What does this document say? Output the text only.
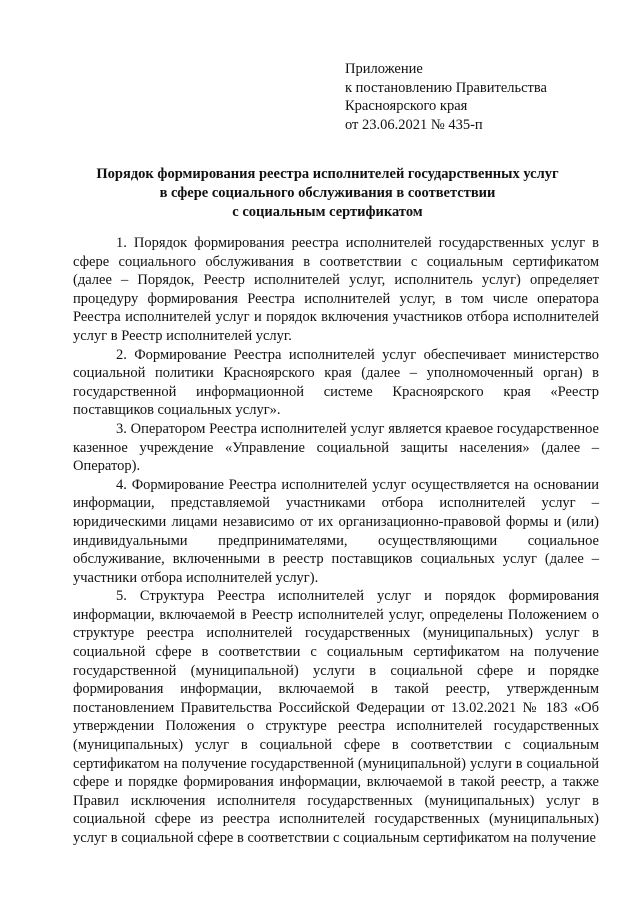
Приложение
к постановлению Правительства
Красноярского края
от 23.06.2021 № 435-п
Порядок формирования реестра исполнителей государственных услуг
в сфере социального обслуживания в соответствии
с социальным сертификатом

1. Порядок формирования реестра исполнителей государственных услуг в сфере социального обслуживания в соответствии с социальным сертификатом (далее – Порядок, Реестр исполнителей услуг, исполнитель услуг) определяет процедуру формирования Реестра исполнителей услуг, в том числе оператора Реестра исполнителей услуг и порядок включения участников отбора исполнителей услуг в Реестр исполнителей услуг.

2. Формирование Реестра исполнителей услуг обеспечивает министерство социальной политики Красноярского края (далее – уполномоченный орган) в государственной информационной системе Красноярского края «Реестр поставщиков социальных услуг».

3. Оператором Реестра исполнителей услуг является краевое государственное казенное учреждение «Управление социальной защиты населения» (далее – Оператор).

4. Формирование Реестра исполнителей услуг осуществляется на основании информации, представляемой участниками отбора исполнителей услуг – юридическими лицами независимо от их организационно-правовой формы и (или) индивидуальными предпринимателями, осуществляющими социальное обслуживание, включенными в реестр поставщиков социальных услуг (далее – участники отбора исполнителей услуг).

5. Структура Реестра исполнителей услуг и порядок формирования информации, включаемой в Реестр исполнителей услуг, определены Положением о структуре реестра исполнителей государственных (муниципальных) услуг в социальной сфере в соответствии с социальным сертификатом на получение государственной (муниципальной) услуги в социальной сфере и порядке формирования информации, включаемой в такой реестр, утвержденным постановлением Правительства Российской Федерации от 13.02.2021 № 183 «Об утверждении Положения о структуре реестра исполнителей государственных (муниципальных) услуг в социальной сфере в соответствии с социальным сертификатом на получение государственной (муниципальной) услуги в социальной сфере и порядке формирования информации, включаемой в такой реестр, а также Правил исключения исполнителя государственных (муниципальных) услуг в социальной сфере из реестра исполнителей государственных (муниципальных) услуг в социальной сфере в соответствии с социальным сертификатом на получение
